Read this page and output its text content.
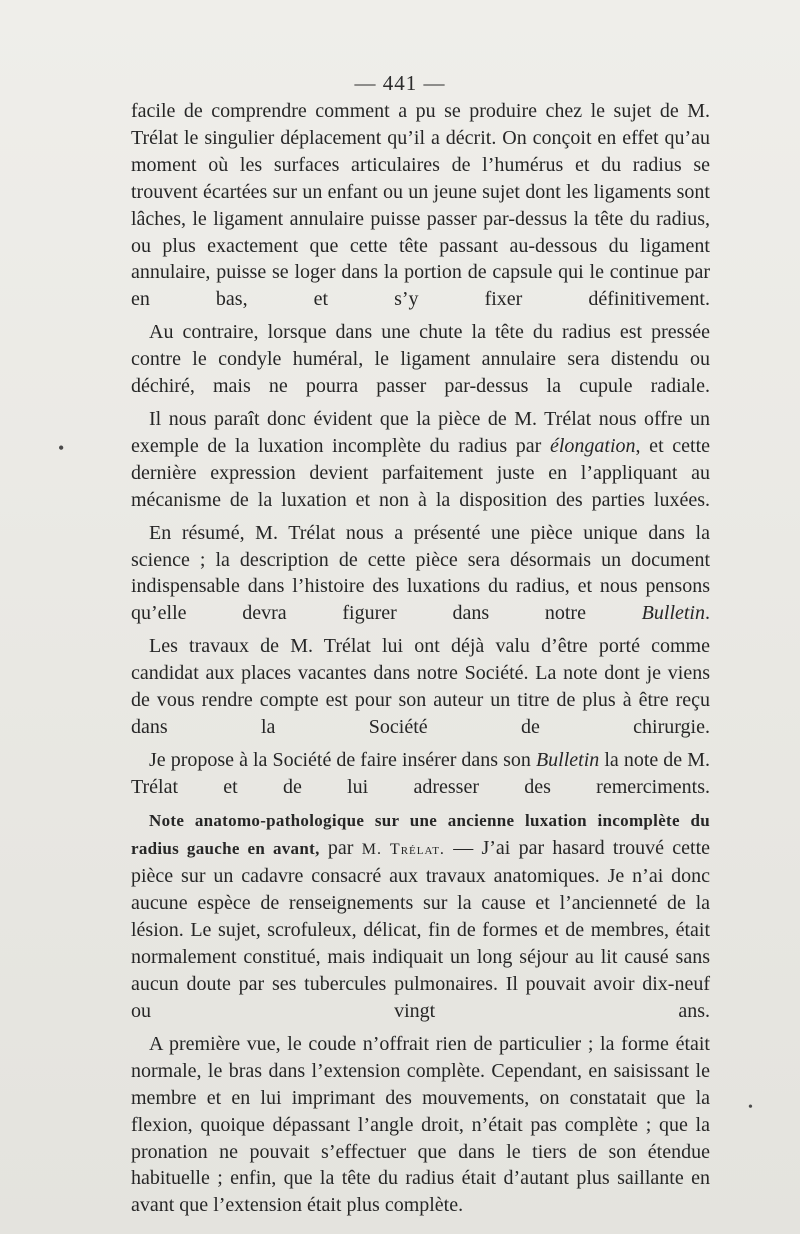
— 441 —

facile de comprendre comment a pu se produire chez le sujet de M. Trélat le singulier déplacement qu’il a décrit. On conçoit en effet qu’au moment où les surfaces articulaires de l’humérus et du radius se trouvent écartées sur un enfant ou un jeune sujet dont les ligaments sont lâches, le ligament annulaire puisse passer par-dessus la tête du radius, ou plus exactement que cette tête passant au-dessous du ligament annulaire, puisse se loger dans la portion de capsule qui le continue par en bas, et s’y fixer définitivement.

Au contraire, lorsque dans une chute la tête du radius est pressée contre le condyle huméral, le ligament annulaire sera distendu ou déchiré, mais ne pourra passer par-dessus la cupule radiale.

Il nous paraît donc évident que la pièce de M. Trélat nous offre un exemple de la luxation incomplète du radius par élongation, et cette dernière expression devient parfaitement juste en l’appliquant au mécanisme de la luxation et non à la disposition des parties luxées.

En résumé, M. Trélat nous a présenté une pièce unique dans la science ; la description de cette pièce sera désormais un document indispensable dans l’histoire des luxations du radius, et nous pensons qu’elle devra figurer dans notre Bulletin.

Les travaux de M. Trélat lui ont déjà valu d’être porté comme candidat aux places vacantes dans notre Société. La note dont je viens de vous rendre compte est pour son auteur un titre de plus à être reçu dans la Société de chirurgie.

Je propose à la Société de faire insérer dans son Bulletin la note de M. Trélat et de lui adresser des remerciments.

Note anatomo-pathologique sur une ancienne luxation incomplète du radius gauche en avant, par M. Trélat. — J’ai par hasard trouvé cette pièce sur un cadavre consacré aux travaux anatomiques. Je n’ai donc aucune espèce de renseignements sur la cause et l’ancienneté de la lésion. Le sujet, scrofuleux, délicat, fin de formes et de membres, était normalement constitué, mais indiquait un long séjour au lit causé sans aucun doute par ses tubercules pulmonaires. Il pouvait avoir dix-neuf ou vingt ans.

A première vue, le coude n’offrait rien de particulier ; la forme était normale, le bras dans l’extension complète. Cependant, en saisissant le membre et en lui imprimant des mouvements, on constatait que la flexion, quoique dépassant l’angle droit, n’était pas complète ; que la pronation ne pouvait s’effectuer que dans le tiers de son étendue habituelle ; enfin, que la tête du radius était d’autant plus saillante en avant que l’extension était plus complète.

•
•
